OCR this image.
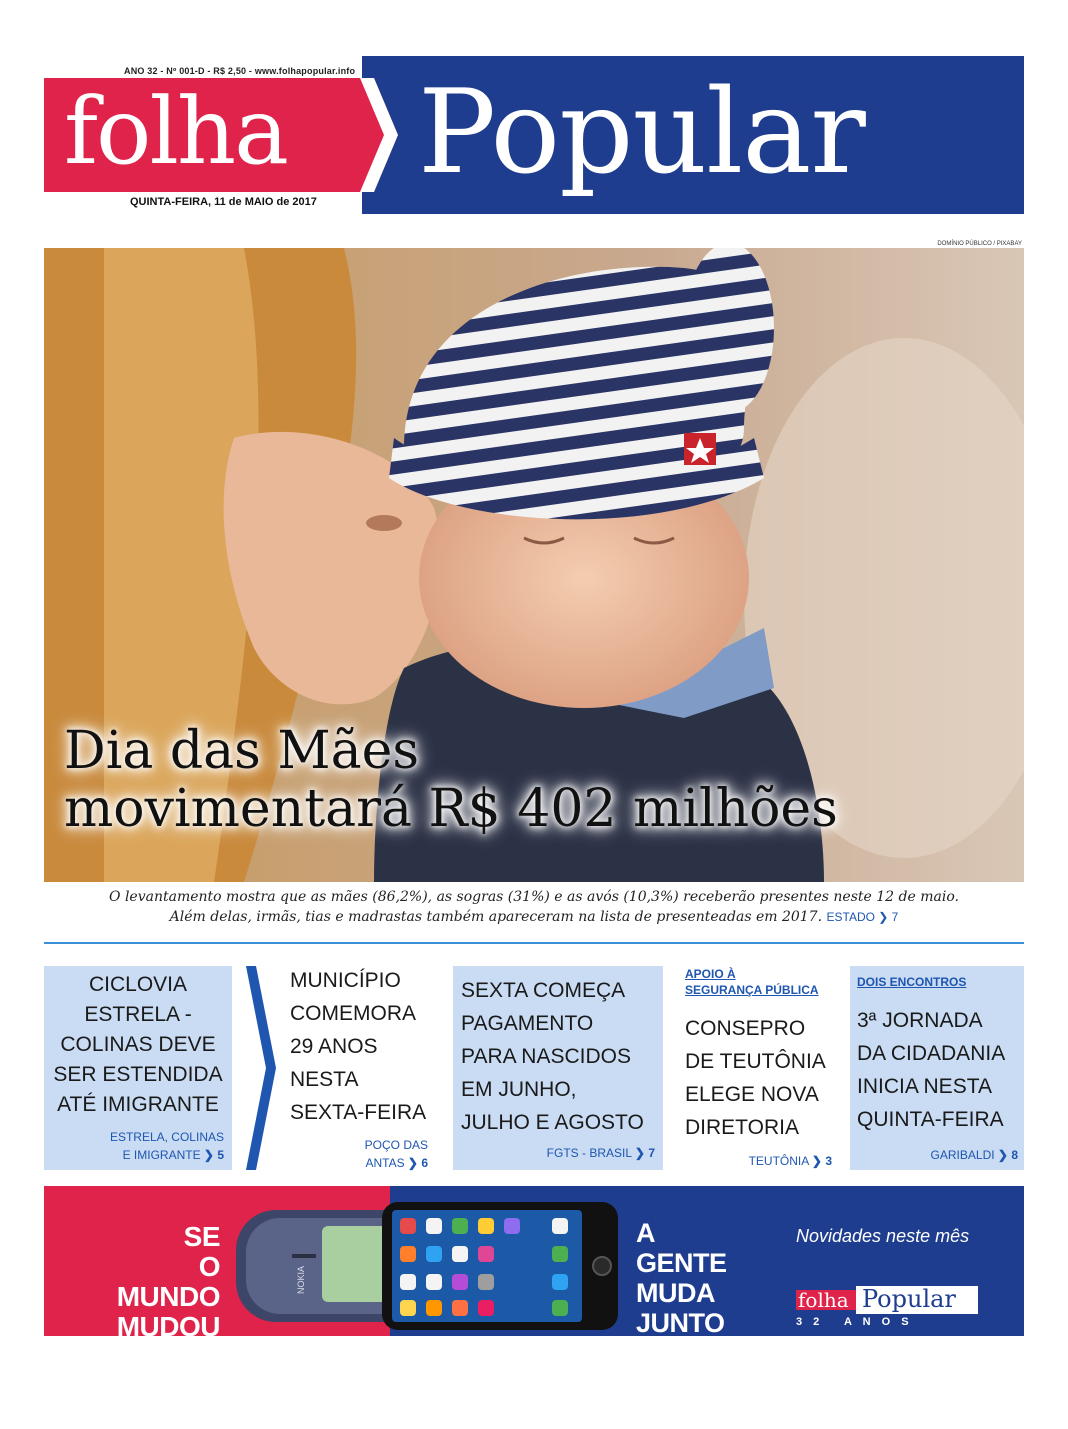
ANO 32 - Nº 001-D - R$ 2,50 - www.folhapopular.info
folha Popular
QUINTA-FEIRA, 11 de MAIO de 2017
DOMÍNIO PÚBLICO / PIXABAY
Dia das Mães
movimentará R$ 402 milhões
O levantamento mostra que as mães (86,2%), as sogras (31%) e as avós (10,3%) receberão presentes neste 12 de maio.
Além delas, irmãs, tias e madrastas também apareceram na lista de presenteadas em 2017. ESTADO ❯ 7
CICLOVIA
ESTRELA -
COLINAS DEVE
SER ESTENDIDA
ATÉ IMIGRANTE
ESTRELA, COLINAS
E IMIGRANTE ❯ 5
MUNICÍPIO
COMEMORA
29 ANOS
NESTA
SEXTA-FEIRA
POÇO DAS
ANTAS ❯ 6
SEXTA COMEÇA
PAGAMENTO
PARA NASCIDOS
EM JUNHO,
JULHO E AGOSTO
FGTS - BRASIL ❯ 7
APOIO À
SEGURANÇA PÚBLICA
CONSEPRO
DE TEUTÔNIA
ELEGE NOVA
DIRETORIA
TEUTÔNIA ❯ 3
DOIS ENCONTROS
3ª JORNADA
DA CIDADANIA
INICIA NESTA
QUINTA-FEIRA
GARIBALDI ❯ 8
SE
O
MUNDO
MUDOU
NOKIA
A
GENTE
MUDA
JUNTO
Novidades neste mês
folha Popular
3 2   A N O S
